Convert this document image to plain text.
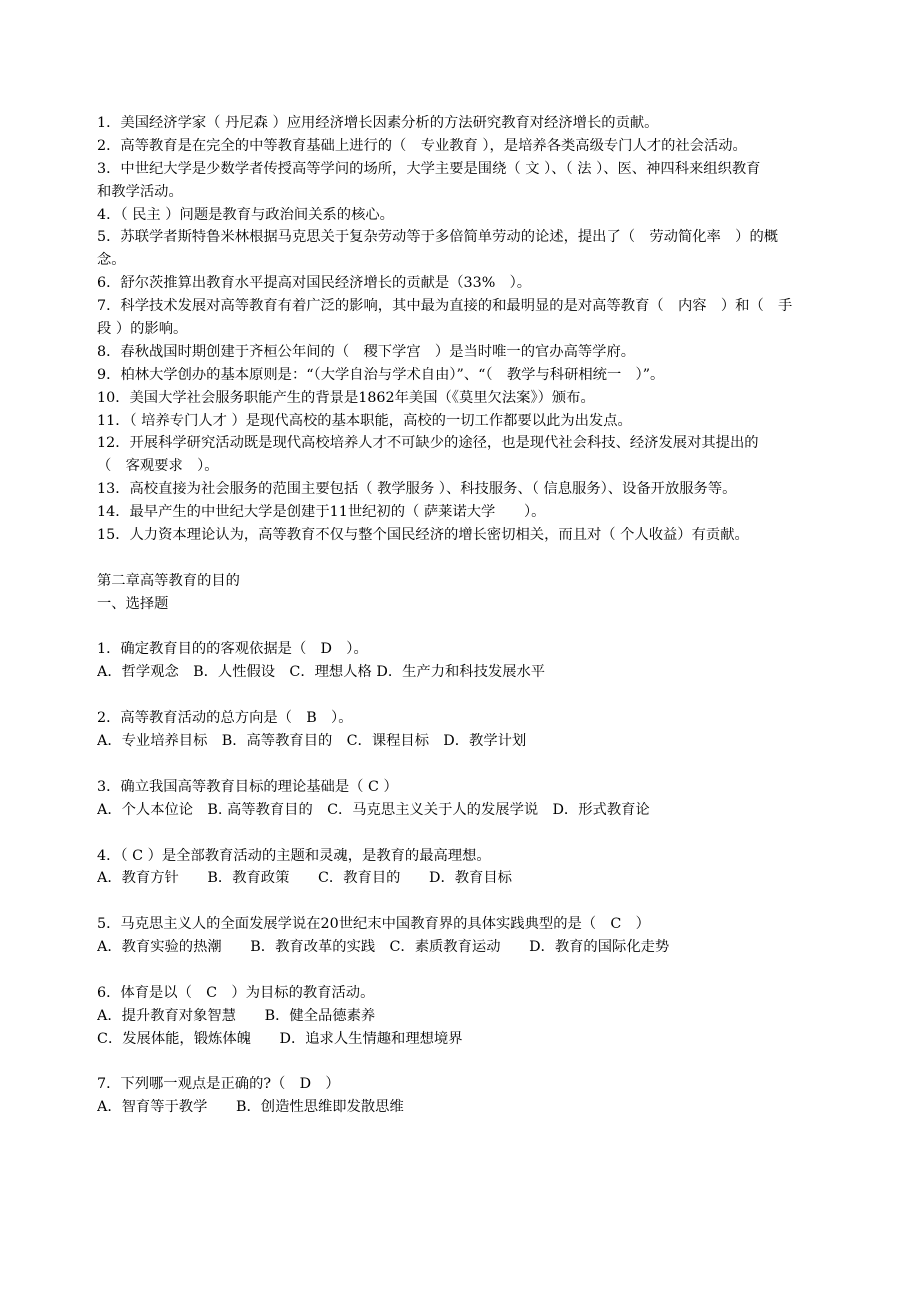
1．美国经济学家（ 丹尼森 ）应用经济增长因素分析的方法研究教育对经济增长的贡献。
2．高等教育是在完全的中等教育基础上进行的（　专业教育 ），是培养各类高级专门人才的社会活动。
3．中世纪大学是少数学者传授高等学问的场所，大学主要是围绕（ 文 ）、（ 法 ）、医、神四科来组织教育
和教学活动。
4．（ 民主 ）问题是教育与政治间关系的核心。
5．苏联学者斯特鲁米林根据马克思关于复杂劳动等于多倍简单劳动的论述，提出了（　劳动简化率　）的概
念。
6．舒尔茨推算出教育水平提高对国民经济增长的贡献是（33%　）。
7．科学技术发展对高等教育有着广泛的影响，其中最为直接的和最明显的是对高等教育（　内容　）和（　手
段 ）的影响。
8．春秋战国时期创建于齐桓公年间的（　稷下学宫　）是当时唯一的官办高等学府。
9．柏林大学创办的基本原则是：“（大学自治与学术自由）”、“（　教学与科研相统一　）”。
10．美国大学社会服务职能产生的背景是1862年美国（《莫里欠法案》）颁布。
11．（ 培养专门人才 ）是现代高校的基本职能，高校的一切工作都要以此为出发点。
12．开展科学研究活动既是现代高校培养人才不可缺少的途径，也是现代社会科技、经济发展对其提出的
（　客观要求　）。
13．高校直接为社会服务的范围主要包括（ 教学服务 ）、科技服务、（ 信息服务）、设备开放服务等。
14．最早产生的中世纪大学是创建于11世纪初的（ 萨莱诺大学　　）。
15．人力资本理论认为，高等教育不仅与整个国民经济的增长密切相关，而且对（ 个人收益）有贡献。
第二章高等教育的目的
一、选择题
1．确定教育目的的客观依据是（　D　）。
A．哲学观念　B．人性假设　C．理想人格 D．生产力和科技发展水平
2．高等教育活动的总方向是（　B　）。
A．专业培养目标　B．高等教育目的　C．课程目标　D．教学计划
3．确立我国高等教育目标的理论基础是（ C ）
A．个人本位论　B. 高等教育目的　C．马克思主义关于人的发展学说　D．形式教育论
4．（ C ）是全部教育活动的主题和灵魂，是教育的最高理想。
A．教育方针　　B．教育政策　　C．教育目的　　D．教育目标
5．马克思主义人的全面发展学说在20世纪末中国教育界的具体实践典型的是（　C　）
A．教育实验的热潮　　B．教育改革的实践　C．素质教育运动　　D．教育的国际化走势
6．体育是以（　C　）为目标的教育活动。
A．提升教育对象智慧　　B．健全品德素养
C．发展体能，锻炼体魄　　D．追求人生情趣和理想境界
7．下列哪一观点是正确的?（　D　）
A．智育等于教学　　B．创造性思维即发散思维
